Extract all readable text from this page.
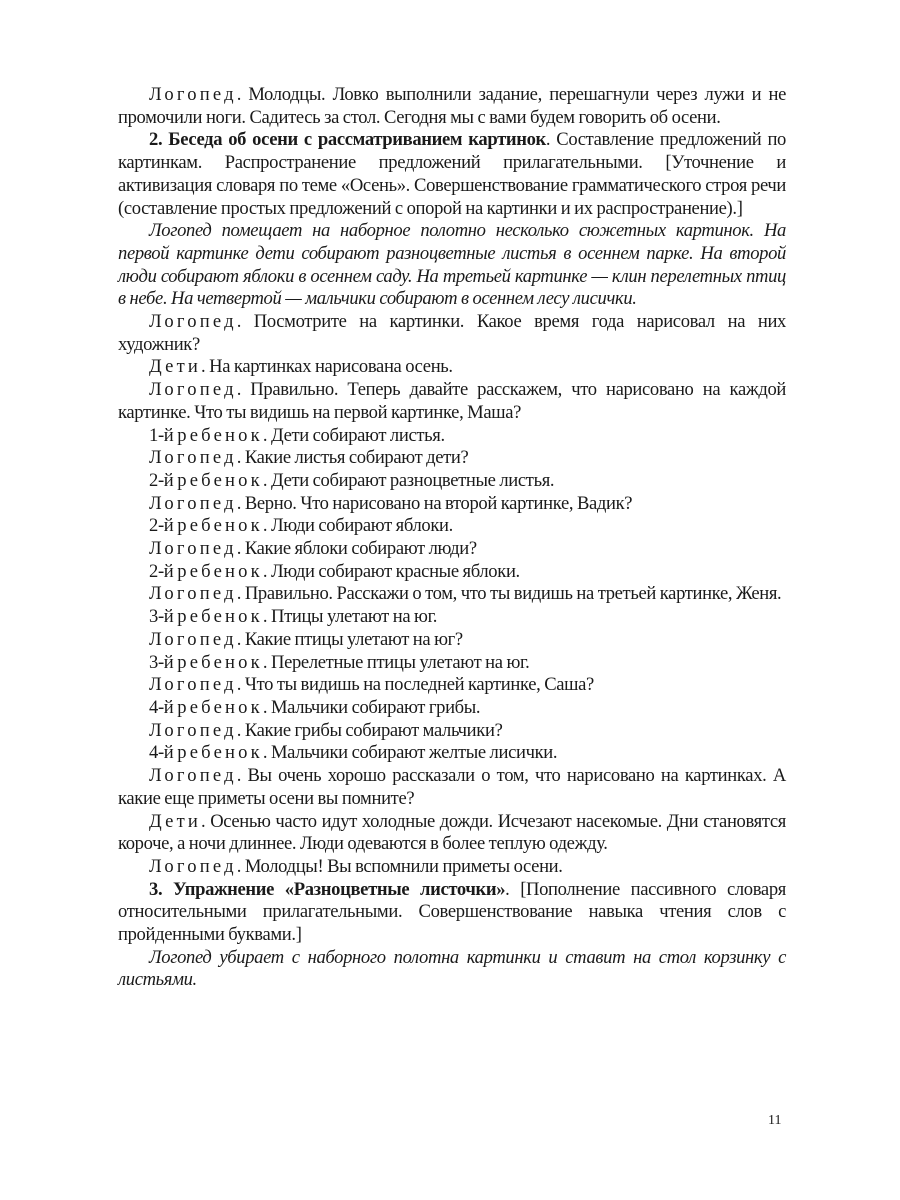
Логопед. Молодцы. Ловко выполнили задание, перешагнули через лужи и не промочили ноги. Садитесь за стол. Сегодня мы с вами будем говорить об осени.

2. Беседа об осени с рассматриванием картинок. Составление предложений по картинкам. Распространение предложений прилагательными. [Уточнение и активизация словаря по теме «Осень». Совершенствование грамматического строя речи (составление простых предложений с опорой на картинки и их распространение).]

Логопед помещает на наборное полотно несколько сюжетных картинок. На первой картинке дети собирают разноцветные листья в осеннем парке. На второй люди собирают яблоки в осеннем саду. На третьей картинке — клин перелетных птиц в небе. На четвертой — мальчики собирают в осеннем лесу лисички.

Логопед. Посмотрите на картинки. Какое время года нарисовал на них художник?

Дети. На картинках нарисована осень.

Логопед. Правильно. Теперь давайте расскажем, что нарисовано на каждой картинке. Что ты видишь на первой картинке, Маша?

1-й ребенок. Дети собирают листья.

Логопед. Какие листья собирают дети?

2-й ребенок. Дети собирают разноцветные листья.

Логопед. Верно. Что нарисовано на второй картинке, Вадик?

2-й ребенок. Люди собирают яблоки.

Логопед. Какие яблоки собирают люди?

2-й ребенок. Люди собирают красные яблоки.

Логопед. Правильно. Расскажи о том, что ты видишь на третьей картинке, Женя.

3-й ребенок. Птицы улетают на юг.

Логопед. Какие птицы улетают на юг?

3-й ребенок. Перелетные птицы улетают на юг.

Логопед. Что ты видишь на последней картинке, Саша?

4-й ребенок. Мальчики собирают грибы.

Логопед. Какие грибы собирают мальчики?

4-й ребенок. Мальчики собирают желтые лисички.

Логопед. Вы очень хорошо рассказали о том, что нарисовано на картинках. А какие еще приметы осени вы помните?

Дети. Осенью часто идут холодные дожди. Исчезают насекомые. Дни становятся короче, а ночи длиннее. Люди одеваются в более теплую одежду.

Логопед. Молодцы! Вы вспомнили приметы осени.

3. Упражнение «Разноцветные листочки». [Пополнение пассивного словаря относительными прилагательными. Совершенствование навыка чтения слов с пройденными буквами.]

Логопед убирает с наборного полотна картинки и ставит на стол корзинку с листьями.

11
